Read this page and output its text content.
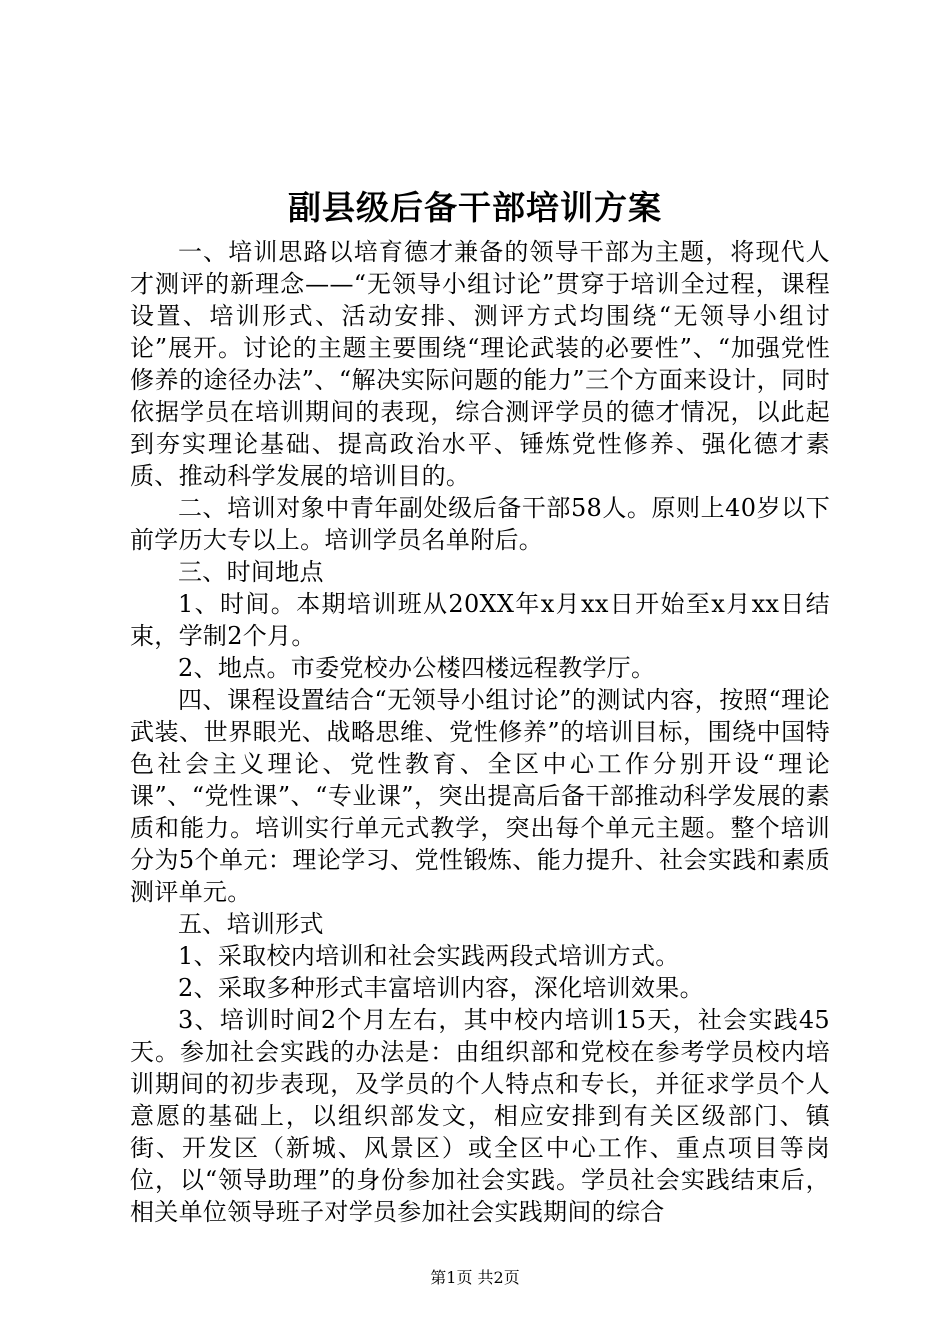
副县级后备干部培训方案

一、培训思路以培育德才兼备的领导干部为主题，将现代人才测评的新理念——“无领导小组讨论”贯穿于培训全过程，课程设置、培训形式、活动安排、测评方式均围绕“无领导小组讨论”展开。讨论的主题主要围绕“理论武装的必要性”、“加强党性修养的途径办法”、“解决实际问题的能力”三个方面来设计，同时依据学员在培训期间的表现，综合测评学员的德才情况，以此起到夯实理论基础、提高政治水平、锤炼党性修养、强化德才素质、推动科学发展的培训目的。

二、培训对象中青年副处级后备干部58人。原则上40岁以下前学历大专以上。培训学员名单附后。

三、时间地点

1、时间。本期培训班从20XX年x月xx日开始至x月xx日结束，学制2个月。

2、地点。市委党校办公楼四楼远程教学厅。

四、课程设置结合“无领导小组讨论”的测试内容，按照“理论武装、世界眼光、战略思维、党性修养”的培训目标，围绕中国特色社会主义理论、党性教育、全区中心工作分别开设“理论课”、“党性课”、“专业课”，突出提高后备干部推动科学发展的素质和能力。培训实行单元式教学，突出每个单元主题。整个培训分为5个单元：理论学习、党性锻炼、能力提升、社会实践和素质测评单元。

五、培训形式

1、采取校内培训和社会实践两段式培训方式。

2、采取多种形式丰富培训内容，深化培训效果。

3、培训时间2个月左右，其中校内培训15天，社会实践45天。参加社会实践的办法是：由组织部和党校在参考学员校内培训期间的初步表现，及学员的个人特点和专长，并征求学员个人意愿的基础上，以组织部发文，相应安排到有关区级部门、镇街、开发区（新城、风景区）或全区中心工作、重点项目等岗位，以“领导助理”的身份参加社会实践。学员社会实践结束后，相关单位领导班子对学员参加社会实践期间的综合

第1页 共2页
